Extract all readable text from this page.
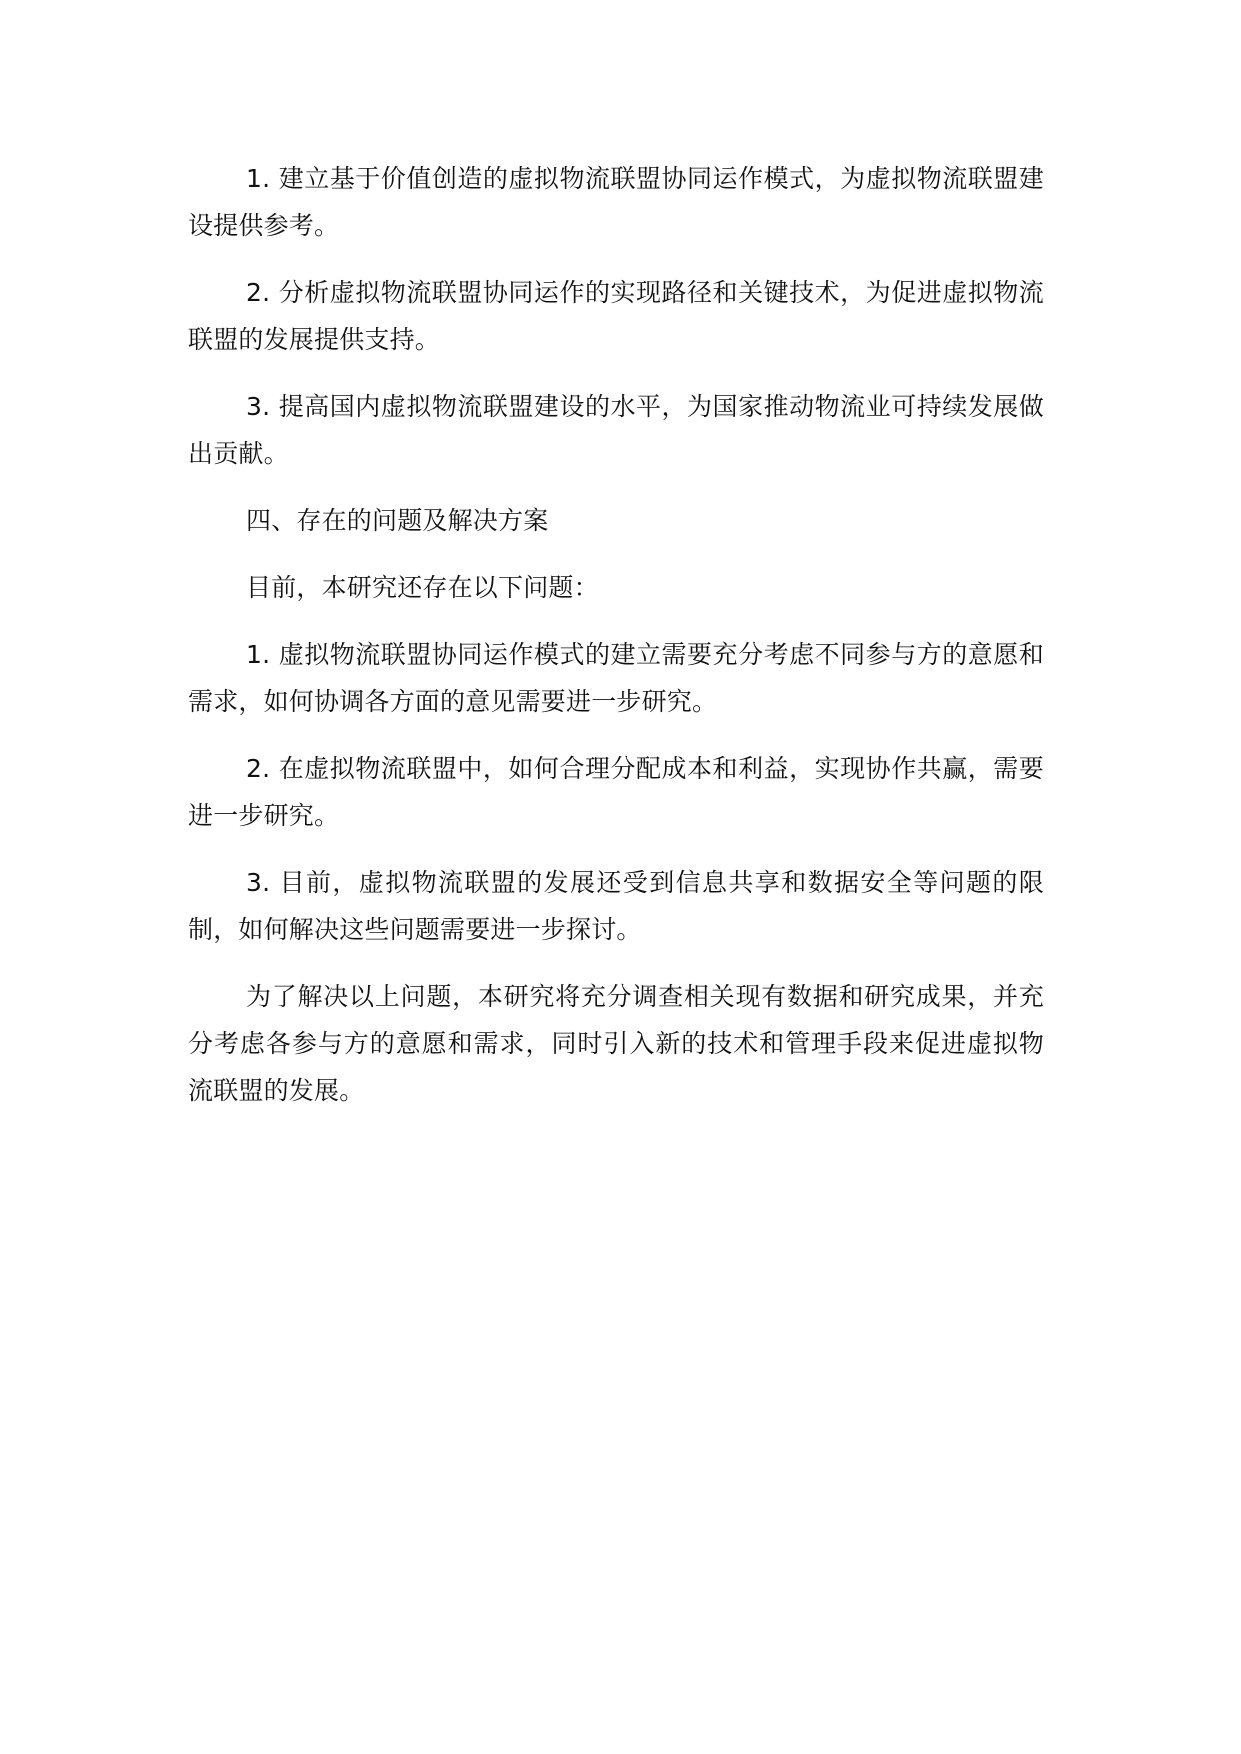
1. 建立基于价值创造的虚拟物流联盟协同运作模式，为虚拟物流联盟建设提供参考。

2. 分析虚拟物流联盟协同运作的实现路径和关键技术，为促进虚拟物流联盟的发展提供支持。

3. 提高国内虚拟物流联盟建设的水平，为国家推动物流业可持续发展做出贡献。

四、存在的问题及解决方案

目前，本研究还存在以下问题：

1. 虚拟物流联盟协同运作模式的建立需要充分考虑不同参与方的意愿和需求，如何协调各方面的意见需要进一步研究。

2. 在虚拟物流联盟中，如何合理分配成本和利益，实现协作共赢，需要进一步研究。

3. 目前，虚拟物流联盟的发展还受到信息共享和数据安全等问题的限制，如何解决这些问题需要进一步探讨。

为了解决以上问题，本研究将充分调查相关现有数据和研究成果，并充分考虑各参与方的意愿和需求，同时引入新的技术和管理手段来促进虚拟物流联盟的发展。
